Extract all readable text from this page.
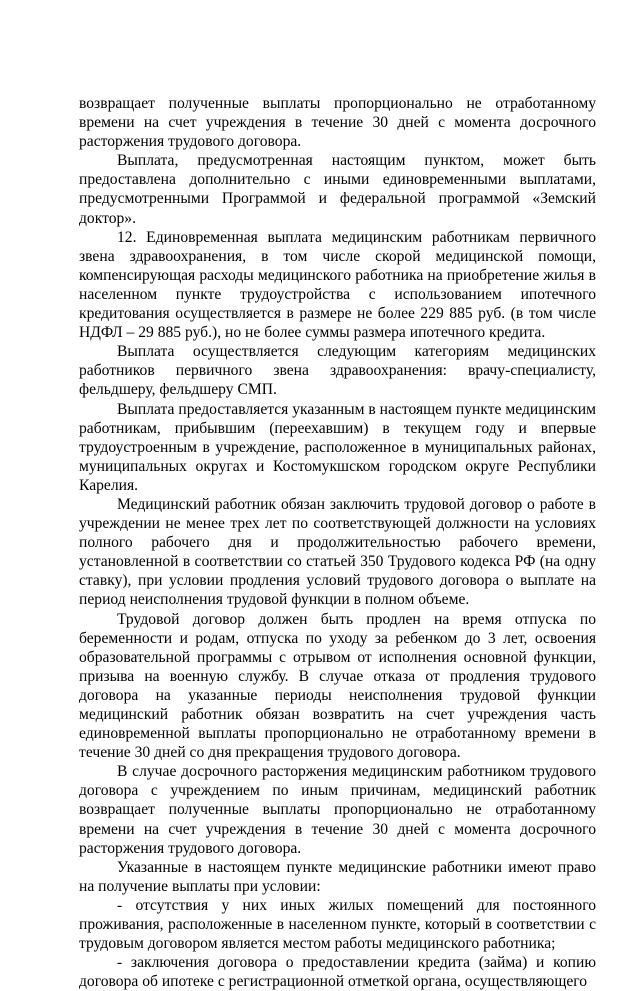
возвращает полученные выплаты пропорционально не отработанному времени на счет учреждения в течение 30 дней с момента досрочного расторжения трудового договора.

Выплата, предусмотренная настоящим пунктом, может быть предоставлена дополнительно с иными единовременными выплатами, предусмотренными Программой и федеральной программой «Земский доктор».

12. Единовременная выплата медицинским работникам первичного звена здравоохранения, в том числе скорой медицинской помощи, компенсирующая расходы медицинского работника на приобретение жилья в населенном пункте трудоустройства с использованием ипотечного кредитования осуществляется в размере не более 229 885 руб. (в том числе НДФЛ – 29 885 руб.), но не более суммы размера ипотечного кредита.

Выплата осуществляется следующим категориям медицинских работников первичного звена здравоохранения: врачу-специалисту, фельдшеру, фельдшеру СМП.

Выплата предоставляется указанным в настоящем пункте медицинским работникам, прибывшим (переехавшим) в текущем году и впервые трудоустроенным в учреждение, расположенное в муниципальных районах, муниципальных округах и Костомукшском городском округе Республики Карелия.

Медицинский работник обязан заключить трудовой договор о работе в учреждении не менее трех лет по соответствующей должности на условиях полного рабочего дня и продолжительностью рабочего времени, установленной в соответствии со статьей 350 Трудового кодекса РФ (на одну ставку), при условии продления условий трудового договора о выплате на период неисполнения трудовой функции в полном объеме.

Трудовой договор должен быть продлен на время отпуска по беременности и родам, отпуска по уходу за ребенком до 3 лет, освоения образовательной программы с отрывом от исполнения основной функции, призыва на военную службу. В случае отказа от продления трудового договора на указанные периоды неисполнения трудовой функции медицинский работник обязан возвратить на счет учреждения часть единовременной выплаты пропорционально не отработанному времени в течение 30 дней со дня прекращения трудового договора.

В случае досрочного расторжения медицинским работником трудового договора с учреждением по иным причинам, медицинский работник возвращает полученные выплаты пропорционально не отработанному времени на счет учреждения в течение 30 дней с момента досрочного расторжения трудового договора.

Указанные в настоящем пункте медицинские работники имеют право на получение выплаты при условии:

- отсутствия у них иных жилых помещений для постоянного проживания, расположенные в населенном пункте, который в соответствии с трудовым договором является местом работы медицинского работника;

- заключения договора о предоставлении кредита (займа) и копию договора об ипотеке с регистрационной отметкой органа, осуществляющего
